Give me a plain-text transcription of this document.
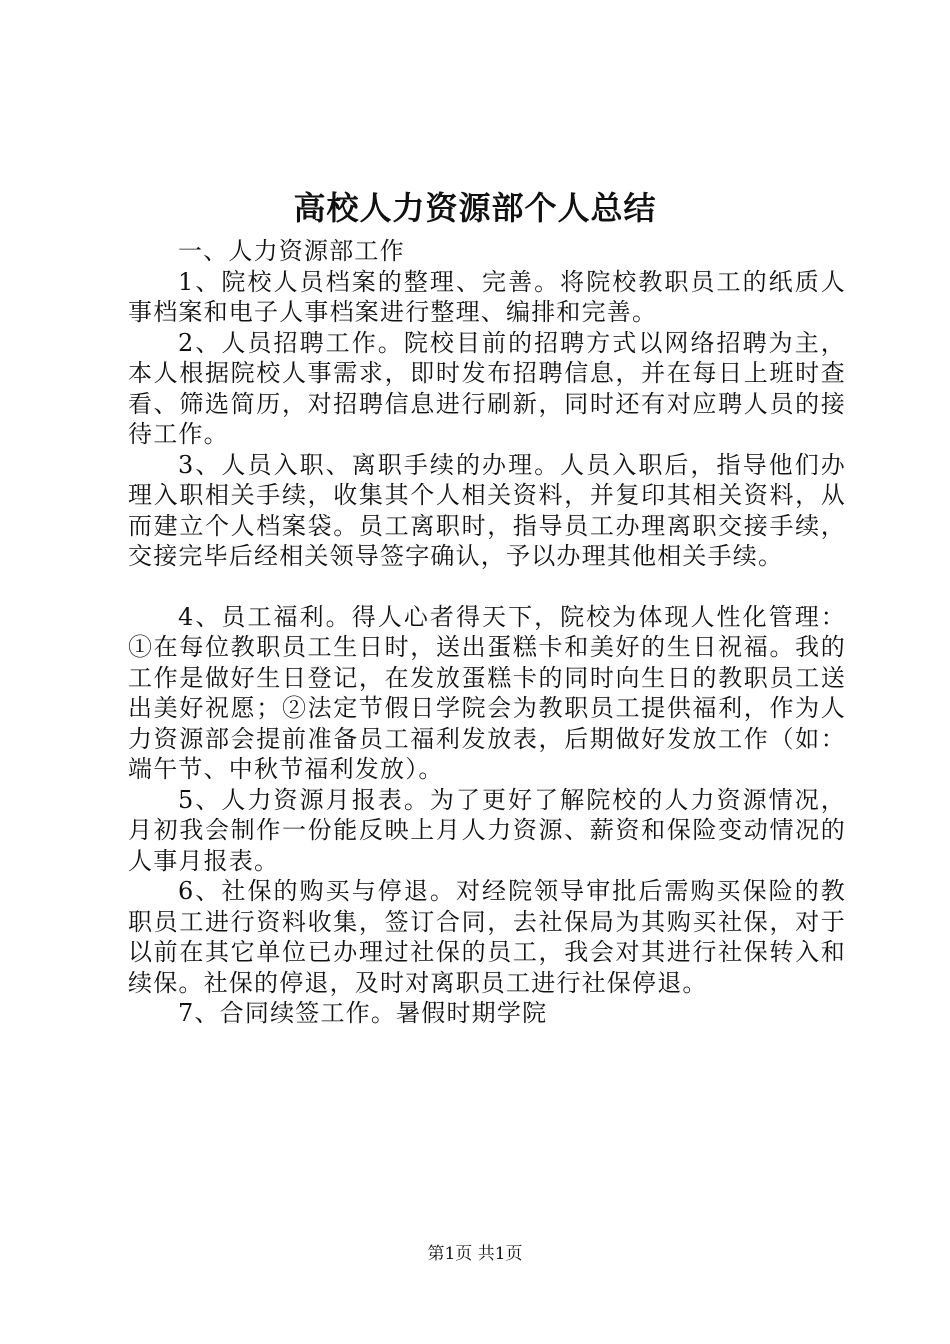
高校人力资源部个人总结

一、人力资源部工作

1、院校人员档案的整理、完善。将院校教职员工的纸质人事档案和电子人事档案进行整理、编排和完善。

2、人员招聘工作。院校目前的招聘方式以网络招聘为主，本人根据院校人事需求，即时发布招聘信息，并在每日上班时查看、筛选简历，对招聘信息进行刷新，同时还有对应聘人员的接待工作。

3、人员入职、离职手续的办理。人员入职后，指导他们办理入职相关手续，收集其个人相关资料，并复印其相关资料，从而建立个人档案袋。员工离职时，指导员工办理离职交接手续，交接完毕后经相关领导签字确认，予以办理其他相关手续。

4、员工福利。得人心者得天下，院校为体现人性化管理：①在每位教职员工生日时，送出蛋糕卡和美好的生日祝福。我的工作是做好生日登记，在发放蛋糕卡的同时向生日的教职员工送出美好祝愿；②法定节假日学院会为教职员工提供福利，作为人力资源部会提前准备员工福利发放表，后期做好发放工作（如：端午节、中秋节福利发放）。

5、人力资源月报表。为了更好了解院校的人力资源情况，月初我会制作一份能反映上月人力资源、薪资和保险变动情况的人事月报表。

6、社保的购买与停退。对经院领导审批后需购买保险的教职员工进行资料收集，签订合同，去社保局为其购买社保，对于以前在其它单位已办理过社保的员工，我会对其进行社保转入和续保。社保的停退，及时对离职员工进行社保停退。

7、合同续签工作。暑假时期学院

第1页 共1页
